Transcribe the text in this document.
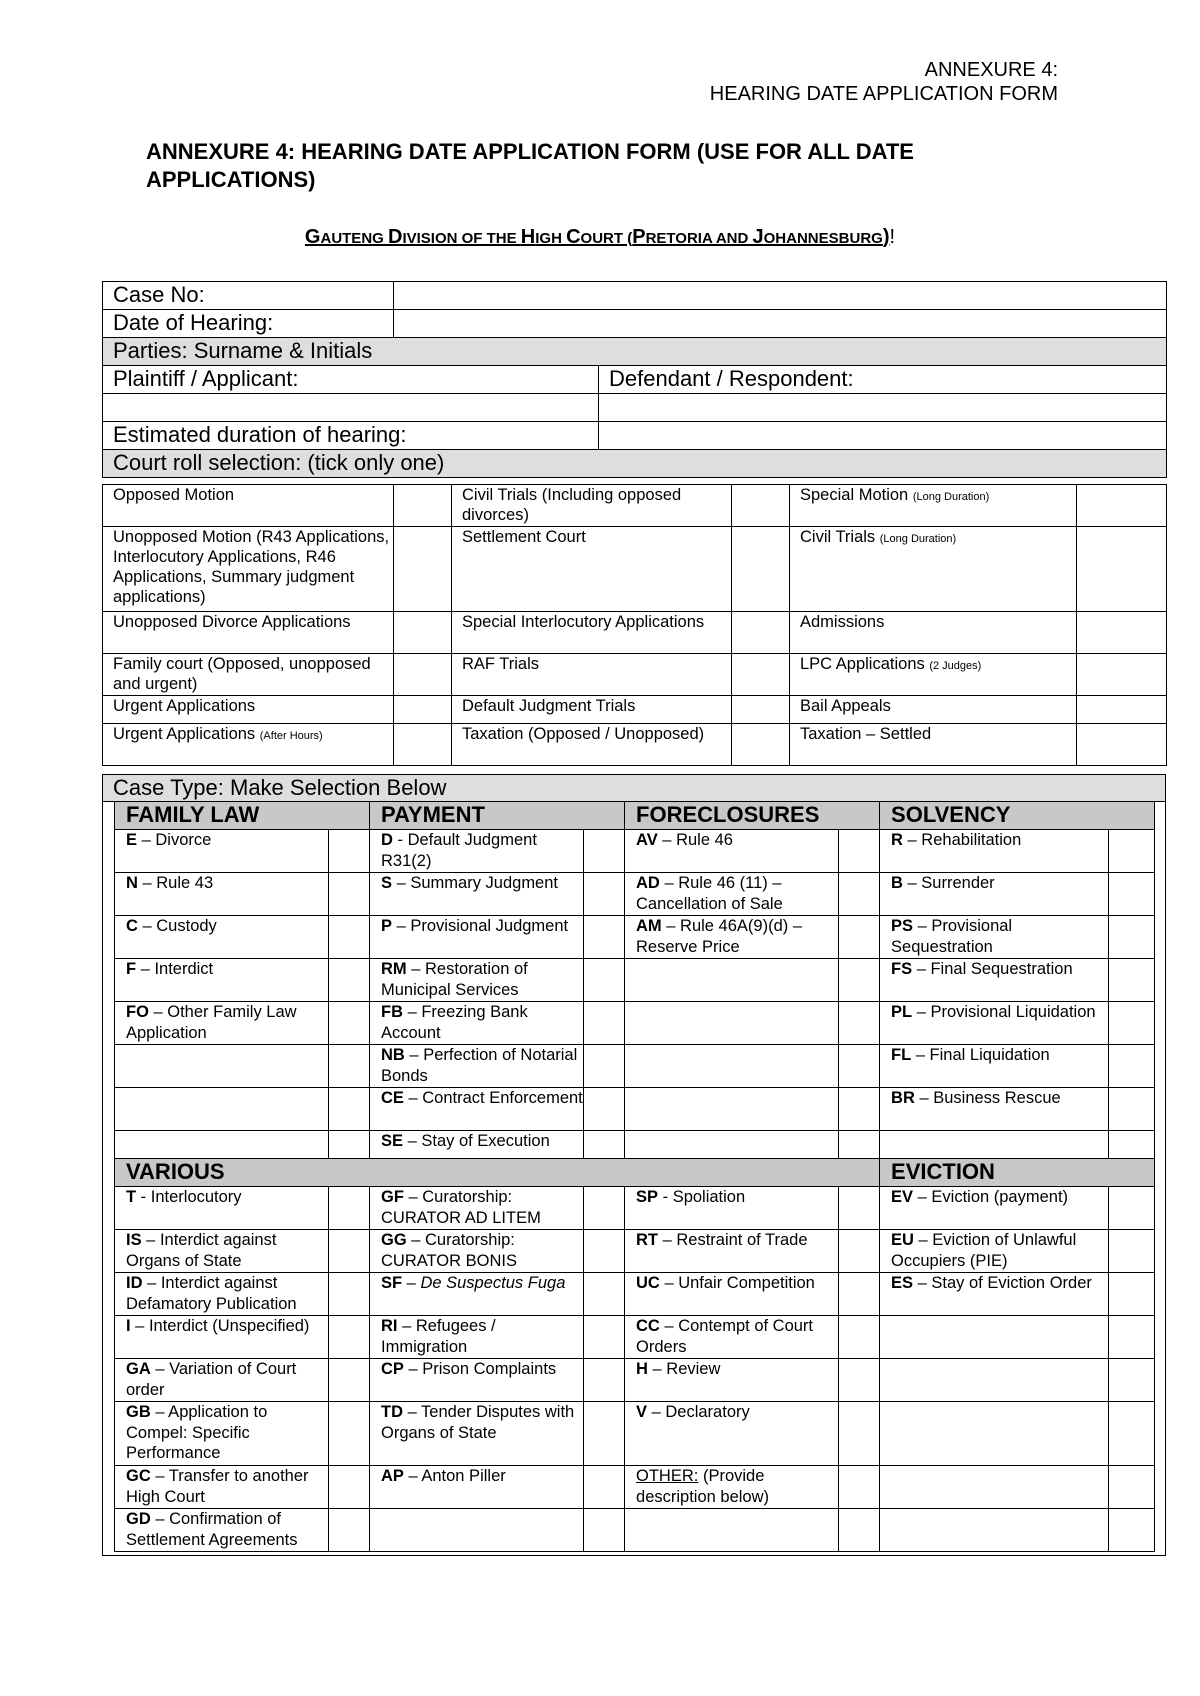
ANNEXURE 4:
HEARING DATE APPLICATION FORM
ANNEXURE 4: HEARING DATE APPLICATION FORM (USE FOR ALL DATE
APPLICATIONS)
GAUTENG DIVISION OF THE HIGH COURT (PRETORIA AND JOHANNESBURG)!
Case No:		
Date of Hearing:		
Parties: Surname & Initials		
Plaintiff / Applicant:		Defendant / Respondent:

Estimated duration of hearing:		
Court roll selection: (tick only one)		
Opposed Motion		Civil Trials (Including opposed divorces)		Special Motion (Long Duration)	
Unopposed Motion (R43 Applications, Interlocutory Applications, R46 Applications, Summary judgment applications)		Settlement Court		Civil Trials (Long Duration)	
Unopposed Divorce Applications		Special Interlocutory Applications		Admissions	
Family court (Opposed, unopposed and urgent)		RAF Trials		LPC Applications (2 Judges)	
Urgent Applications		Default Judgment Trials		Bail Appeals	
Urgent Applications (After Hours)		Taxation (Opposed / Unopposed)		Taxation – Settled	
Case Type: Make Selection Below
FAMILY LAW		PAYMENT		FORECLOSURES		SOLVENCY	
E – Divorce		D - Default Judgment R31(2)		AV – Rule 46		R – Rehabilitation	
N – Rule 43		S – Summary Judgment		AD – Rule 46 (11) – Cancellation of Sale		B – Surrender	
C – Custody		P – Provisional Judgment		AM – Rule 46A(9)(d) – Reserve Price		PS – Provisional Sequestration	
F – Interdict		RM – Restoration of Municipal Services				FS – Final Sequestration	
FO – Other Family Law Application		FB – Freezing Bank Account				PL – Provisional Liquidation	
		NB – Perfection of Notarial Bonds				FL – Final Liquidation	
		CE – Contract Enforcement				BR – Business Rescue	
		SE – Stay of Execution					
VARIOUS						EVICTION	
T - Interlocutory		GF – Curatorship: CURATOR AD LITEM		SP - Spoliation		EV – Eviction (payment)	
IS – Interdict against Organs of State		GG – Curatorship: CURATOR BONIS		RT – Restraint of Trade		EU – Eviction of Unlawful Occupiers (PIE)	
ID – Interdict against Defamatory Publication		SF – De Suspectus Fuga		UC – Unfair Competition		ES – Stay of Eviction Order	
I – Interdict (Unspecified)		RI – Refugees / Immigration		CC – Contempt of Court Orders			
GA – Variation of Court order		CP – Prison Complaints		H – Review			
GB – Application to Compel: Specific Performance		TD – Tender Disputes with Organs of State		V – Declaratory			
GC – Transfer to another High Court		AP – Anton Piller		OTHER: (Provide description below)			
GD – Confirmation of Settlement Agreements							
